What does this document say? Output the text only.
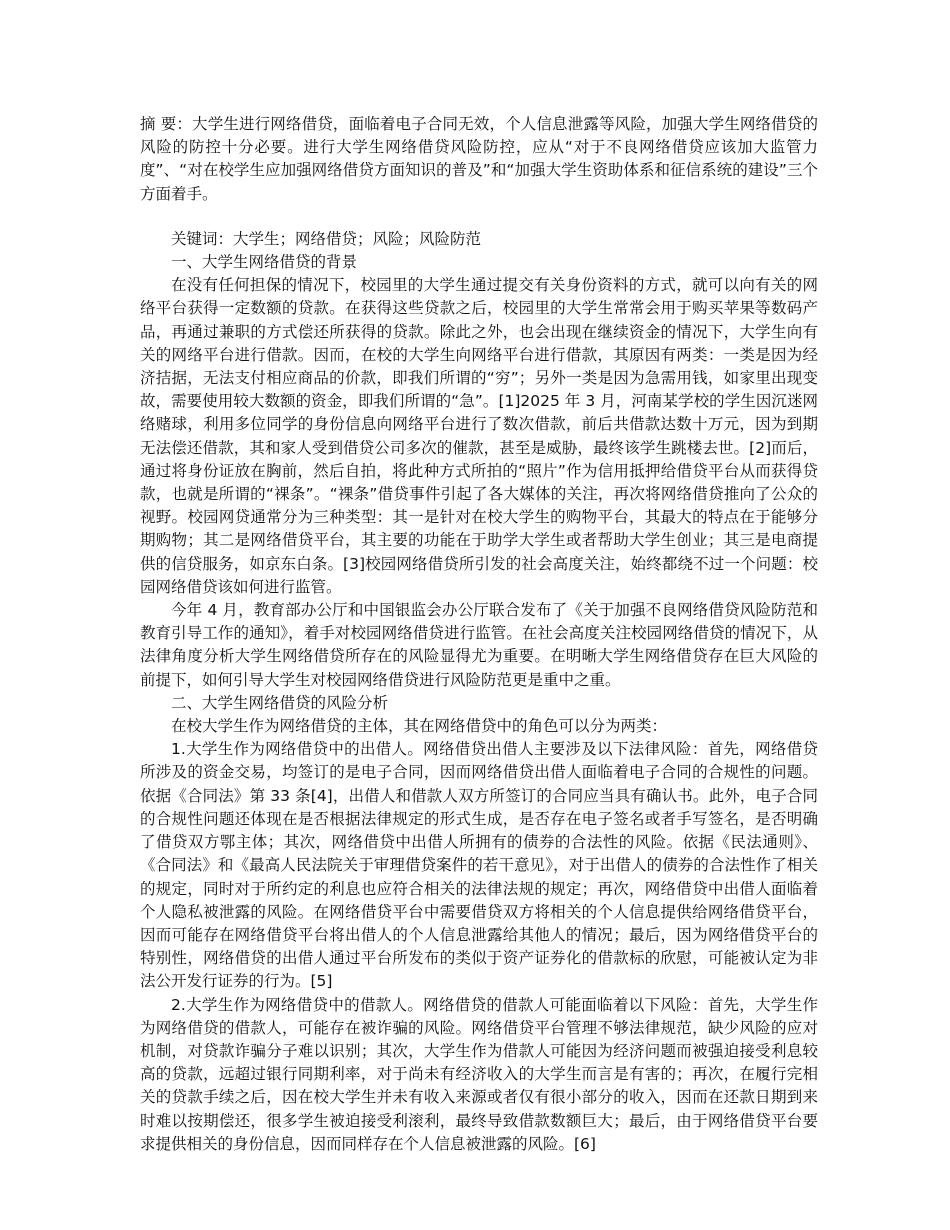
摘 要：大学生进行网络借贷，面临着电子合同无效，个人信息泄露等风险，加强大学生网络借贷的风险的防控十分必要。进行大学生网络借贷风险防控，应从“对于不良网络借贷应该加大监管力度”、“对在校学生应加强网络借贷方面知识的普及”和“加强大学生资助体系和征信系统的建设”三个方面着手。

关键词：大学生；网络借贷；风险；风险防范

一、大学生网络借贷的背景

在没有任何担保的情况下，校园里的大学生通过提交有关身份资料的方式，就可以向有关的网络平台获得一定数额的贷款。在获得这些贷款之后，校园里的大学生常常会用于购买苹果等数码产品，再通过兼职的方式偿还所获得的贷款。除此之外，也会出现在继续资金的情况下，大学生向有关的网络平台进行借款。因而，在校的大学生向网络平台进行借款，其原因有两类：一类是因为经济拮据，无法支付相应商品的价款，即我们所谓的“穷”；另外一类是因为急需用钱，如家里出现变故，需要使用较大数额的资金，即我们所谓的“急”。[1]2025 年 3 月，河南某学校的学生因沉迷网络赌球，利用多位同学的身份信息向网络平台进行了数次借款，前后共借款达数十万元，因为到期无法偿还借款，其和家人受到借贷公司多次的催款，甚至是威胁，最终该学生跳楼去世。[2]而后，通过将身份证放在胸前，然后自拍，将此种方式所拍的“照片”作为信用抵押给借贷平台从而获得贷款，也就是所谓的“裸条”。“裸条”借贷事件引起了各大媒体的关注，再次将网络借贷推向了公众的视野。校园网贷通常分为三种类型：其一是针对在校大学生的购物平台，其最大的特点在于能够分期购物；其二是网络借贷平台，其主要的功能在于助学大学生或者帮助大学生创业；其三是电商提供的信贷服务，如京东白条。[3]校园网络借贷所引发的社会高度关注，始终都绕不过一个问题：校园网络借贷该如何进行监管。

今年 4 月，教育部办公厅和中国银监会办公厅联合发布了《关于加强不良网络借贷风险防范和教育引导工作的通知》，着手对校园网络借贷进行监管。在社会高度关注校园网络借贷的情况下，从法律角度分析大学生网络借贷所存在的风险显得尤为重要。在明晰大学生网络借贷存在巨大风险的前提下，如何引导大学生对校园网络借贷进行风险防范更是重中之重。

二、大学生网络借贷的风险分析

在校大学生作为网络借贷的主体，其在网络借贷中的角色可以分为两类：

1.大学生作为网络借贷中的出借人。网络借贷出借人主要涉及以下法律风险：首先，网络借贷所涉及的资金交易，均签订的是电子合同，因而网络借贷出借人面临着电子合同的合规性的问题。依据《合同法》第 33 条[4]，出借人和借款人双方所签订的合同应当具有确认书。此外，电子合同的合规性问题还体现在是否根据法律规定的形式生成，是否存在电子签名或者手写签名，是否明确了借贷双方鄂主体；其次，网络借贷中出借人所拥有的债券的合法性的风险。依据《民法通则》、《合同法》和《最高人民法院关于审理借贷案件的若干意见》，对于出借人的债券的合法性作了相关的规定，同时对于所约定的利息也应符合相关的法律法规的规定；再次，网络借贷中出借人面临着个人隐私被泄露的风险。在网络借贷平台中需要借贷双方将相关的个人信息提供给网络借贷平台，因而可能存在网络借贷平台将出借人的个人信息泄露给其他人的情况；最后，因为网络借贷平台的特别性，网络借贷的出借人通过平台所发布的类似于资产证券化的借款标的欣慰，可能被认定为非法公开发行证券的行为。[5]

2.大学生作为网络借贷中的借款人。网络借贷的借款人可能面临着以下风险：首先，大学生作为网络借贷的借款人，可能存在被诈骗的风险。网络借贷平台管理不够法律规范，缺少风险的应对机制，对贷款诈骗分子难以识别；其次，大学生作为借款人可能因为经济问题而被强迫接受利息较高的贷款，远超过银行同期利率，对于尚未有经济收入的大学生而言是有害的；再次，在履行完相关的贷款手续之后，因在校大学生并未有收入来源或者仅有很小部分的收入，因而在还款日期到来时难以按期偿还，很多学生被迫接受利滚利，最终导致借款数额巨大；最后，由于网络借贷平台要求提供相关的身份信息，因而同样存在个人信息被泄露的风险。[6]
